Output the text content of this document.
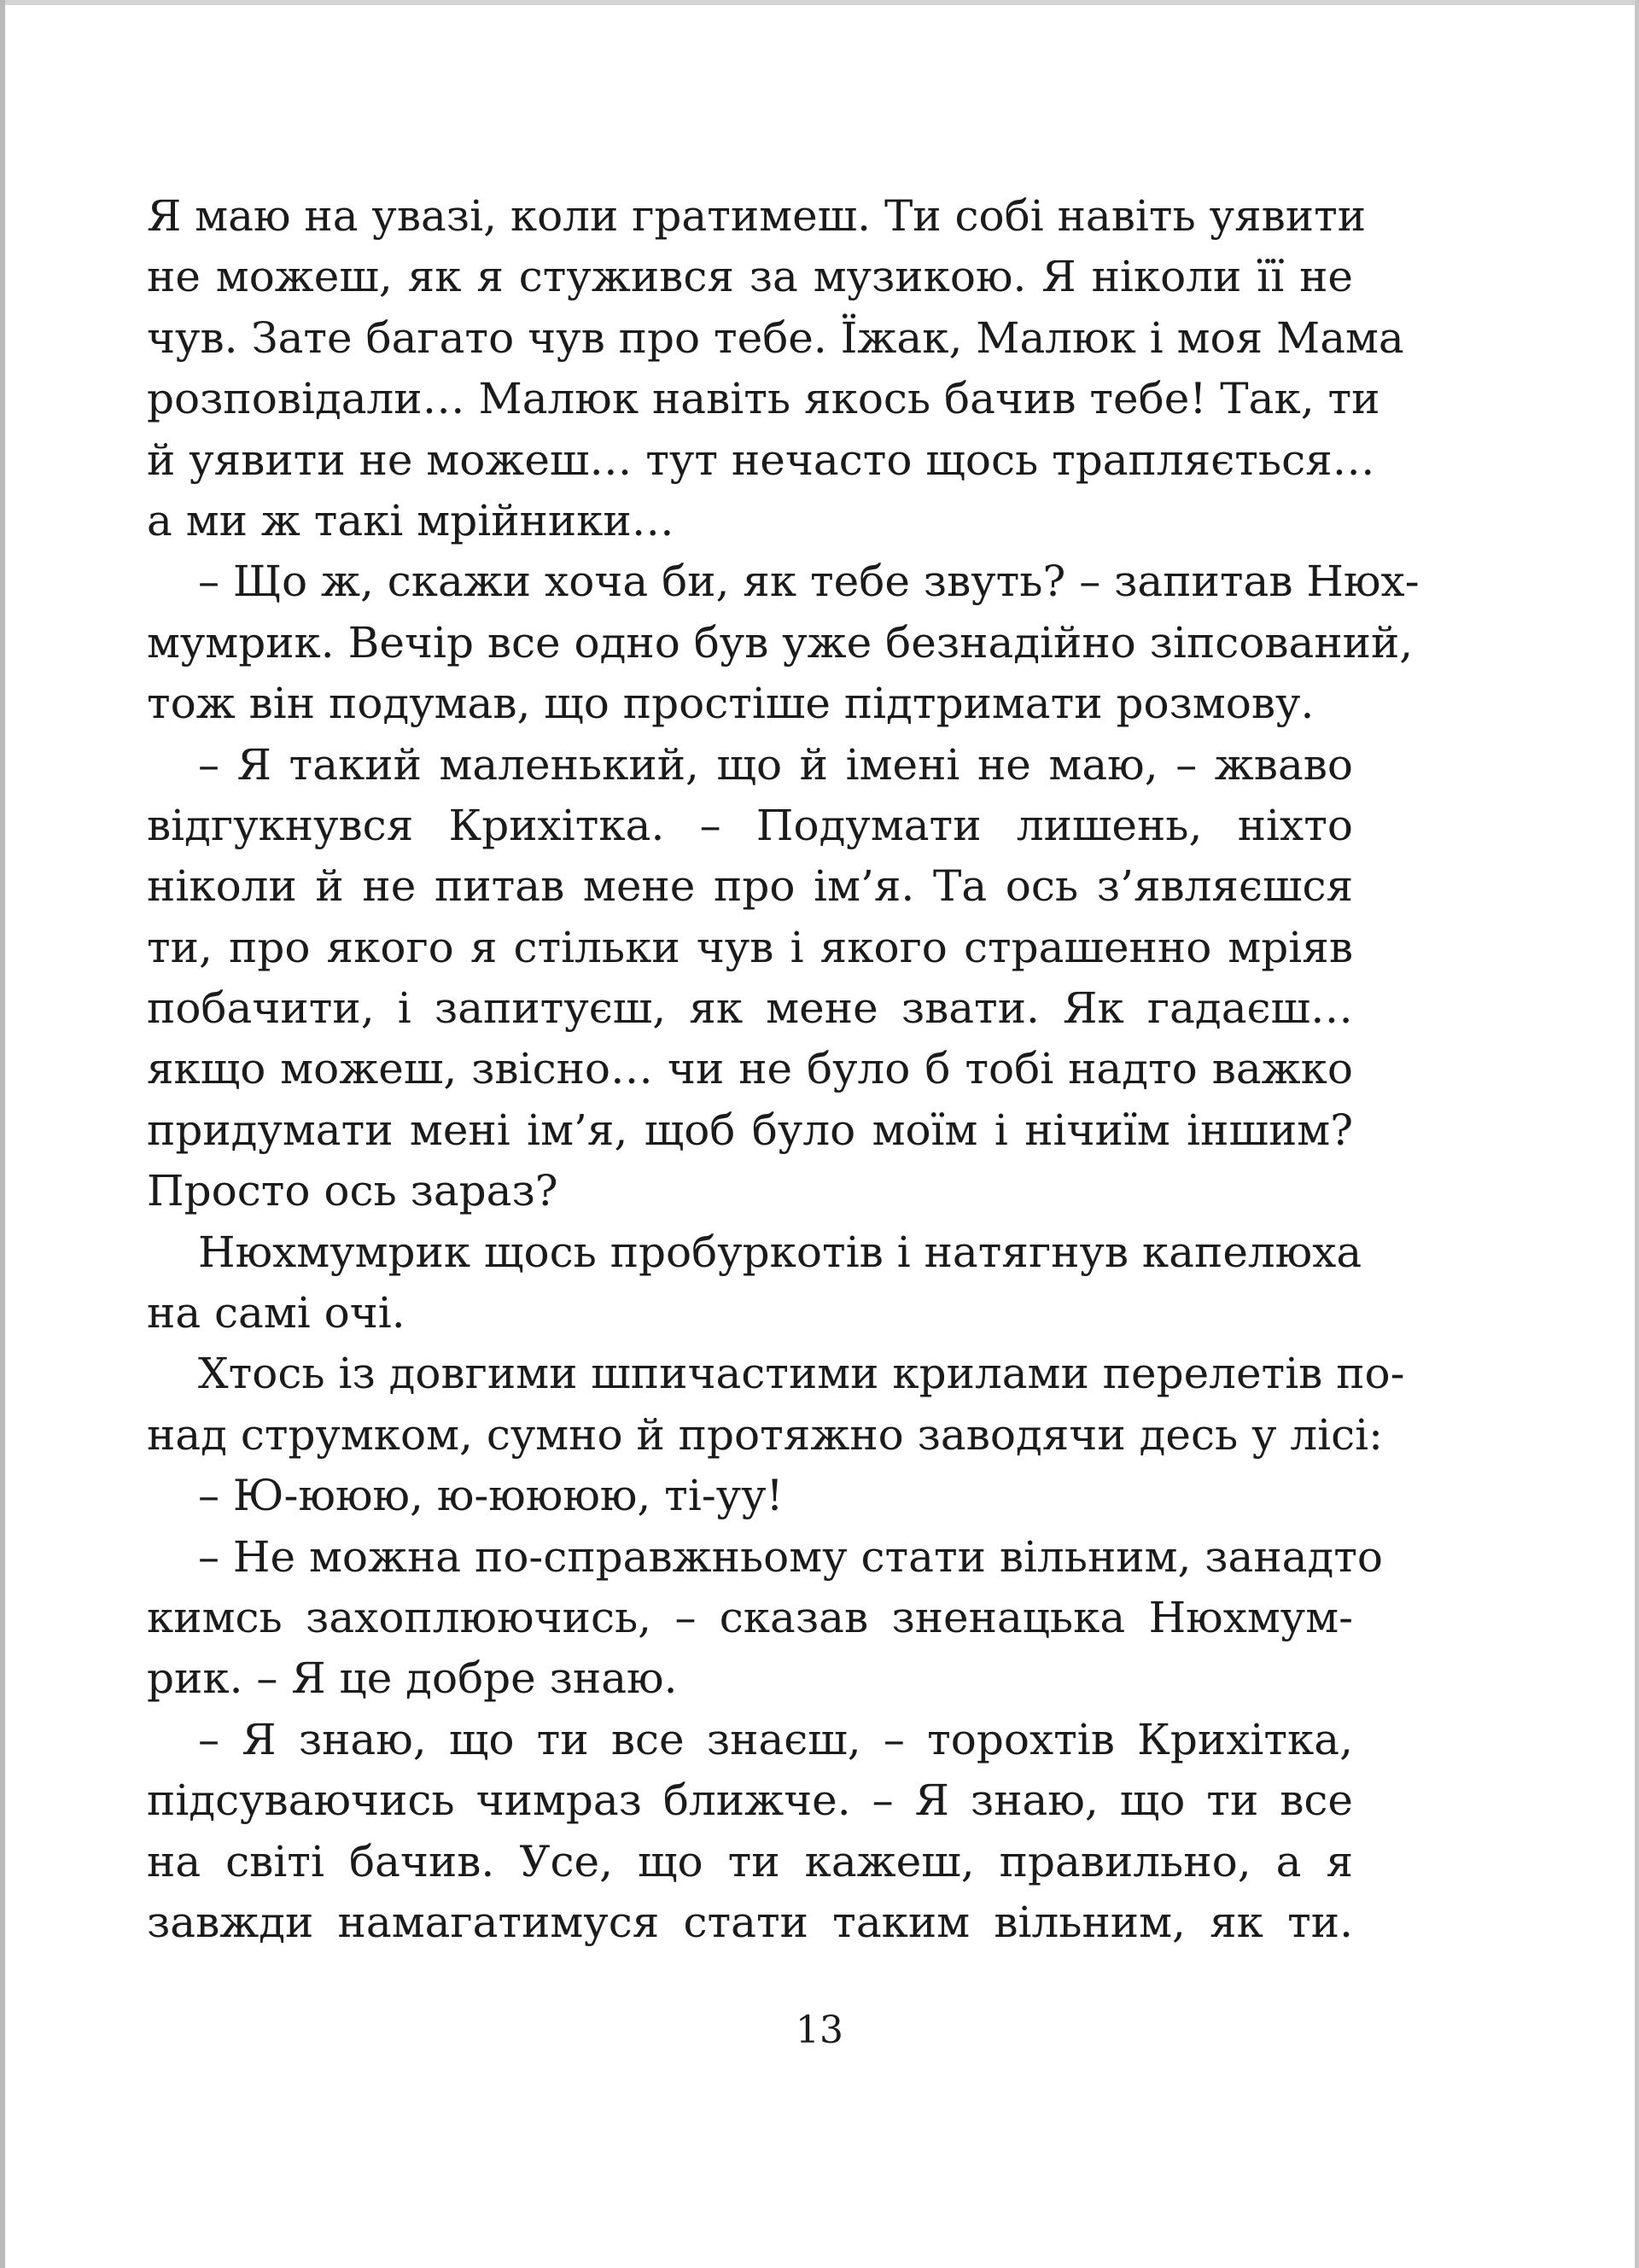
Я маю на увазі, коли гратимеш. Ти собі навіть уявити
не можеш, як я стужився за музикою. Я ніколи її не
чув. Зате багато чув про тебе. Їжак, Малюк і моя Мама
розповідали… Малюк навіть якось бачив тебе! Так, ти
й уявити не можеш… тут нечасто щось трапляється…
а ми ж такі мрійники…
– Що ж, скажи хоча би, як тебе звуть? – запитав Нюх-
мумрик. Вечір все одно був уже безнадійно зіпсований,
тож він подумав, що простіше підтримати розмову.
– Я такий маленький, що й імені не маю, – жваво
відгукнувся Крихітка. – Подумати лишень, ніхто
ніколи й не питав мене про ім’я. Та ось з’являєшся
ти, про якого я стільки чув і якого страшенно мріяв
побачити, і запитуєш, як мене звати. Як гадаєш…
якщо можеш, звісно… чи не було б тобі надто важко
придумати мені ім’я, щоб було моїм і нічиїм іншим?
Просто ось зараз?
Нюхмумрик щось пробуркотів і натягнув капелюха
на самі очі.
Хтось із довгими шпичастими крилами перелетів по-
над струмком, сумно й протяжно заводячи десь у лісі:
– Ю-ююю, ю-юююю, ті-уу!
– Не можна по-справжньому стати вільним, занадто
кимсь захоплюючись, – сказав зненацька Нюхмум-
рик. – Я це добре знаю.
– Я знаю, що ти все знаєш, – торохтів Крихітка,
підсуваючись чимраз ближче. – Я знаю, що ти все
на світі бачив. Усе, що ти кажеш, правильно, а я
завжди намагатимуся стати таким вільним, як ти.
13
